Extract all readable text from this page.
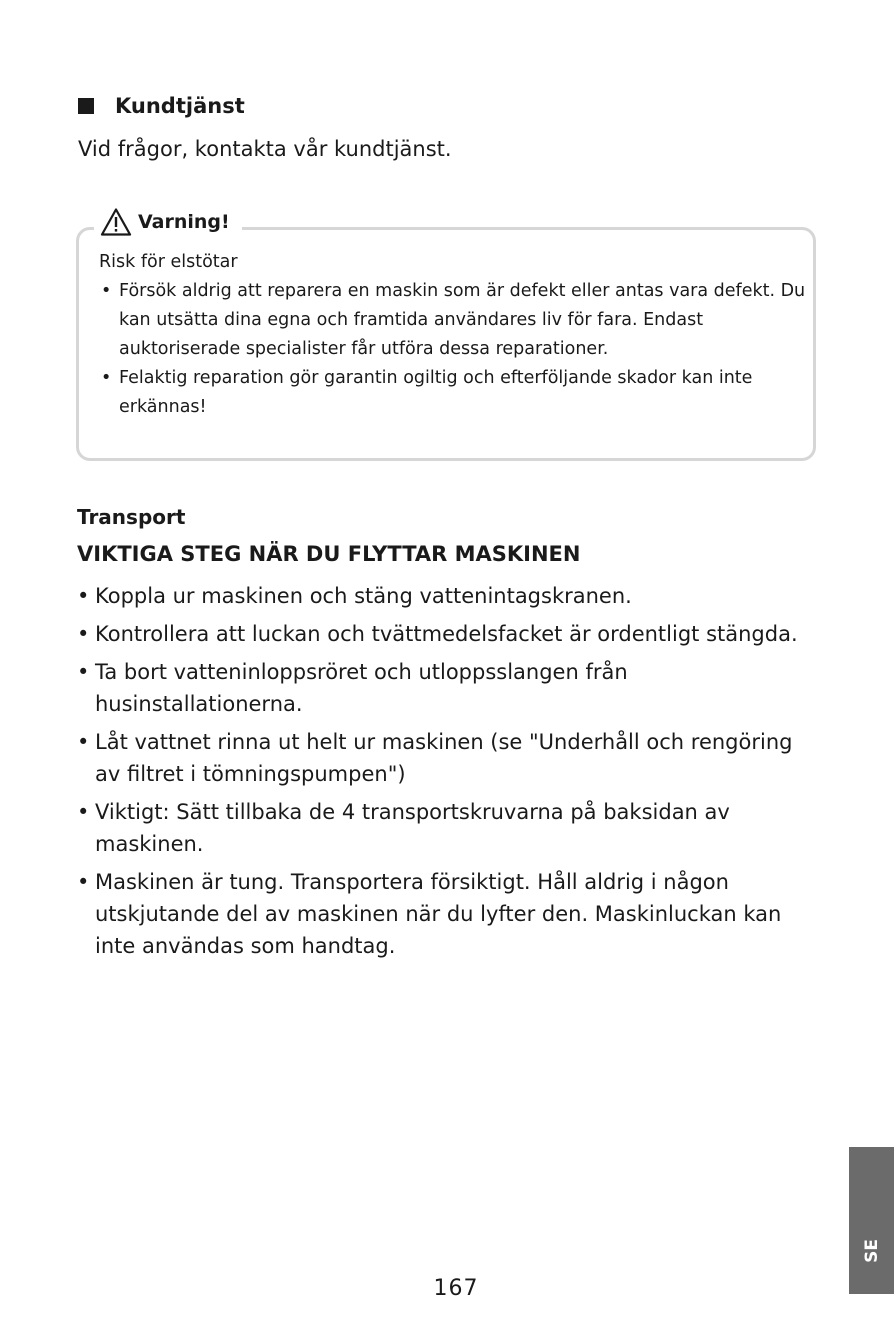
Kundtjänst

Vid frågor, kontakta vår kundtjänst.

Varning!

Risk för elstötar

• Försök aldrig att reparera en maskin som är defekt eller antas vara defekt. Du kan utsätta dina egna och framtida användares liv för fara. Endast auktoriserade specialister får utföra dessa reparationer.
• Felaktig reparation gör garantin ogiltig och efterföljande skador kan inte erkännas!
Transport
VIKTIGA STEG NÄR DU FLYTTAR MASKINEN
• Koppla ur maskinen och stäng vattenintagskranen.
• Kontrollera att luckan och tvättmedelsfacket är ordentligt stängda.
• Ta bort vatteninloppsröret och utloppsslangen från husinstallationerna.
• Låt vattnet rinna ut helt ur maskinen (se "Underhåll och rengöring av filtret i tömningspumpen")
• Viktigt: Sätt tillbaka de 4 transportskruvarna på baksidan av maskinen.
• Maskinen är tung. Transportera försiktigt. Håll aldrig i någon utskjutande del av maskinen när du lyfter den. Maskinluckan kan inte användas som handtag.
167
SE
